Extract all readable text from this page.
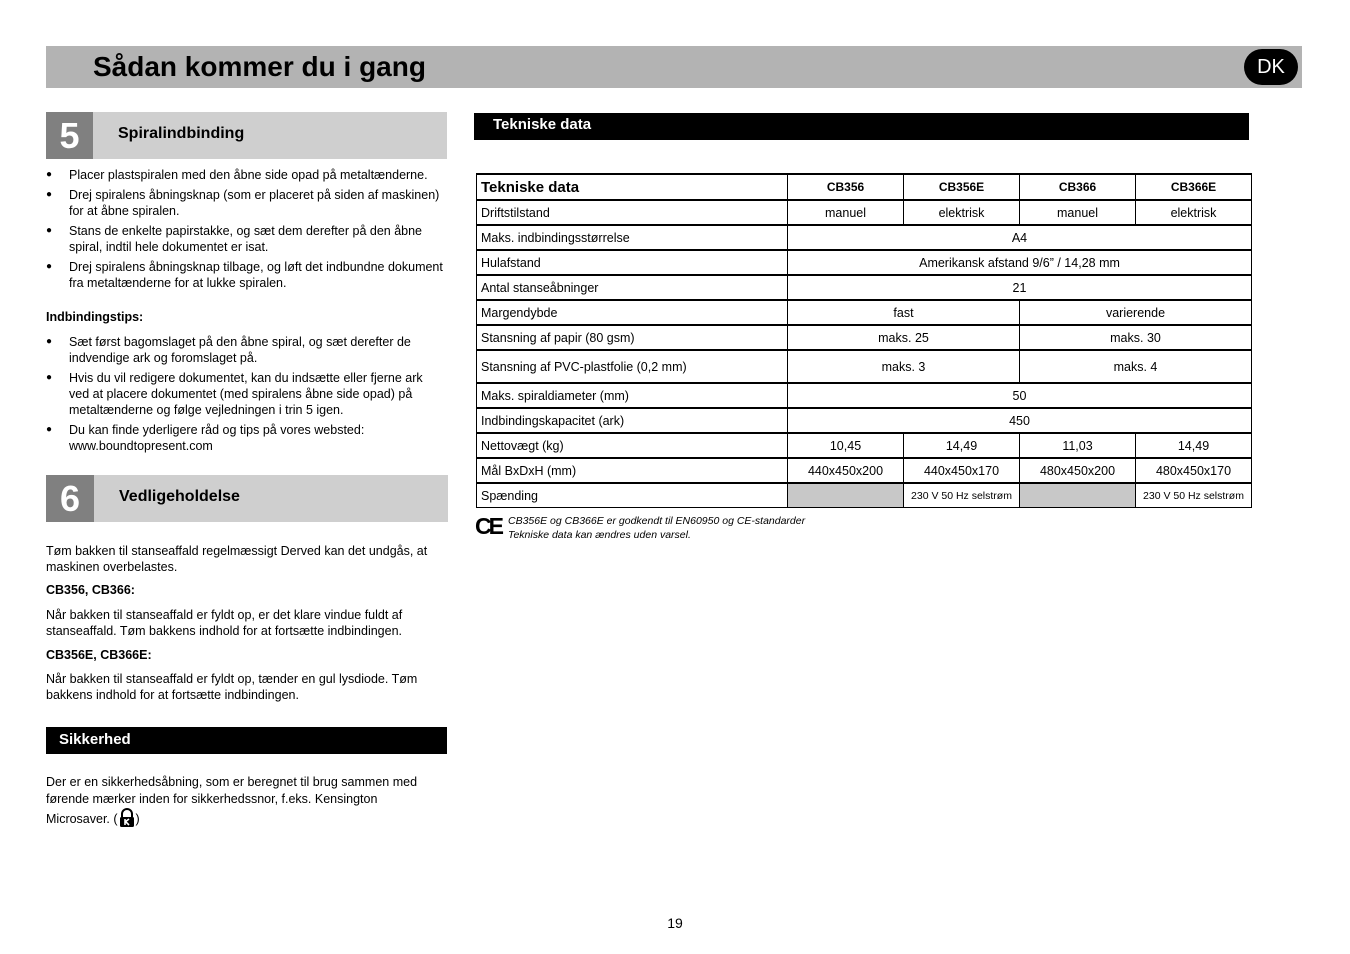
Sådan kommer du i gang	DK
5	Spiralindbinding
● Placer plastspiralen med den åbne side opad på metaltænderne.
● Drej spiralens åbningsknap (som er placeret på siden af maskinen) for at åbne spiralen.
● Stans de enkelte papirstakke, og sæt dem derefter på den åbne spiral, indtil hele dokumentet er isat.
● Drej spiralens åbningsknap tilbage, og løft det indbundne dokument fra metaltænderne for at lukke spiralen.
Indbindingstips:
● Sæt først bagomslaget på den åbne spiral, og sæt derefter de indvendige ark og foromslaget på.
● Hvis du vil redigere dokumentet, kan du indsætte eller fjerne ark ved at placere dokumentet (med spiralens åbne side opad) på metaltænderne og følge vejledningen i trin 5 igen.
● Du kan finde yderligere råd og tips på vores websted: www.boundtopresent.com
6	Vedligeholdelse
Tøm bakken til stanseaffald regelmæssigt Derved kan det undgås, at maskinen overbelastes.
CB356, CB366:
Når bakken til stanseaffald er fyldt op, er det klare vindue fuldt af stanseaffald. Tøm bakkens indhold for at fortsætte indbindingen.
CB356E, CB366E:
Når bakken til stanseaffald er fyldt op, tænder en gul lysdiode. Tøm bakkens indhold for at fortsætte indbindingen.
Sikkerhed
Der er en sikkerhedsåbning, som er beregnet til brug sammen med førende mærker inden for sikkerhedssnor, f.eks. Kensington Microsaver. ( )
Tekniske data
Tekniske data	CB356	CB356E	CB366	CB366E
Driftstilstand	manuel	elektrisk	manuel	elektrisk
Maks. indbindingsstørrelse	A4			
Hulafstand	Amerikansk afstand 9/6” / 14,28 mm			
Antal stanseåbninger	21			
Margendybde	fast		varierende	
Stansning af papir (80 gsm)	maks. 25		maks. 30	
Stansning af PVC-plastfolie (0,2 mm)	maks. 3		maks. 4	
Maks. spiraldiameter (mm)	50			
Indbindingskapacitet (ark)	450			
Nettovægt (kg)	10,45	14,49	11,03	14,49
Mål BxDxH (mm)	440x450x200	440x450x170	480x450x200	480x450x170
Spænding		230 V 50 Hz selstrøm		230 V 50 Hz selstrøm
CE CB356E og CB366E er godkendt til EN60950 og CE-standarder
Tekniske data kan ændres uden varsel.
19
